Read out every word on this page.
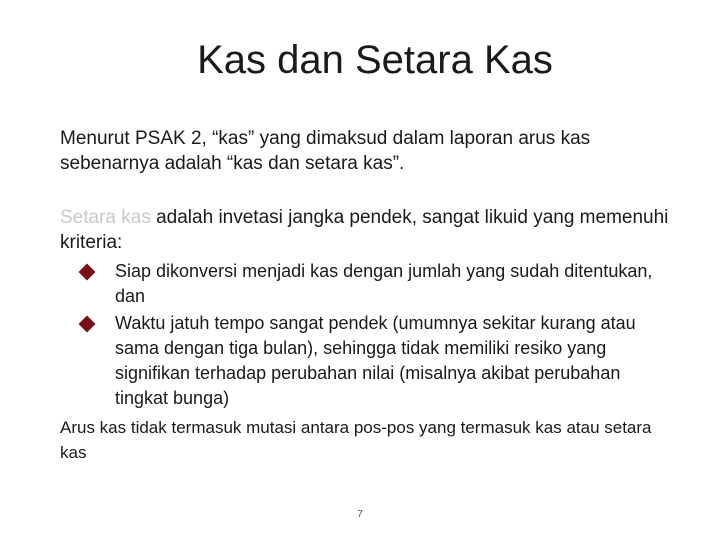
Kas dan Setara Kas
Menurut PSAK 2, “kas” yang dimaksud dalam laporan arus kas sebenarnya adalah “kas dan setara kas”.
Setara kas adalah invetasi jangka pendek, sangat likuid yang memenuhi kriteria:
Siap dikonversi menjadi kas dengan jumlah yang sudah ditentukan, dan
Waktu jatuh tempo sangat pendek (umumnya sekitar kurang atau sama dengan tiga bulan), sehingga tidak memiliki resiko yang signifikan terhadap perubahan nilai (misalnya akibat perubahan tingkat bunga)
Arus kas tidak termasuk mutasi antara pos-pos yang termasuk kas atau setara kas
7
